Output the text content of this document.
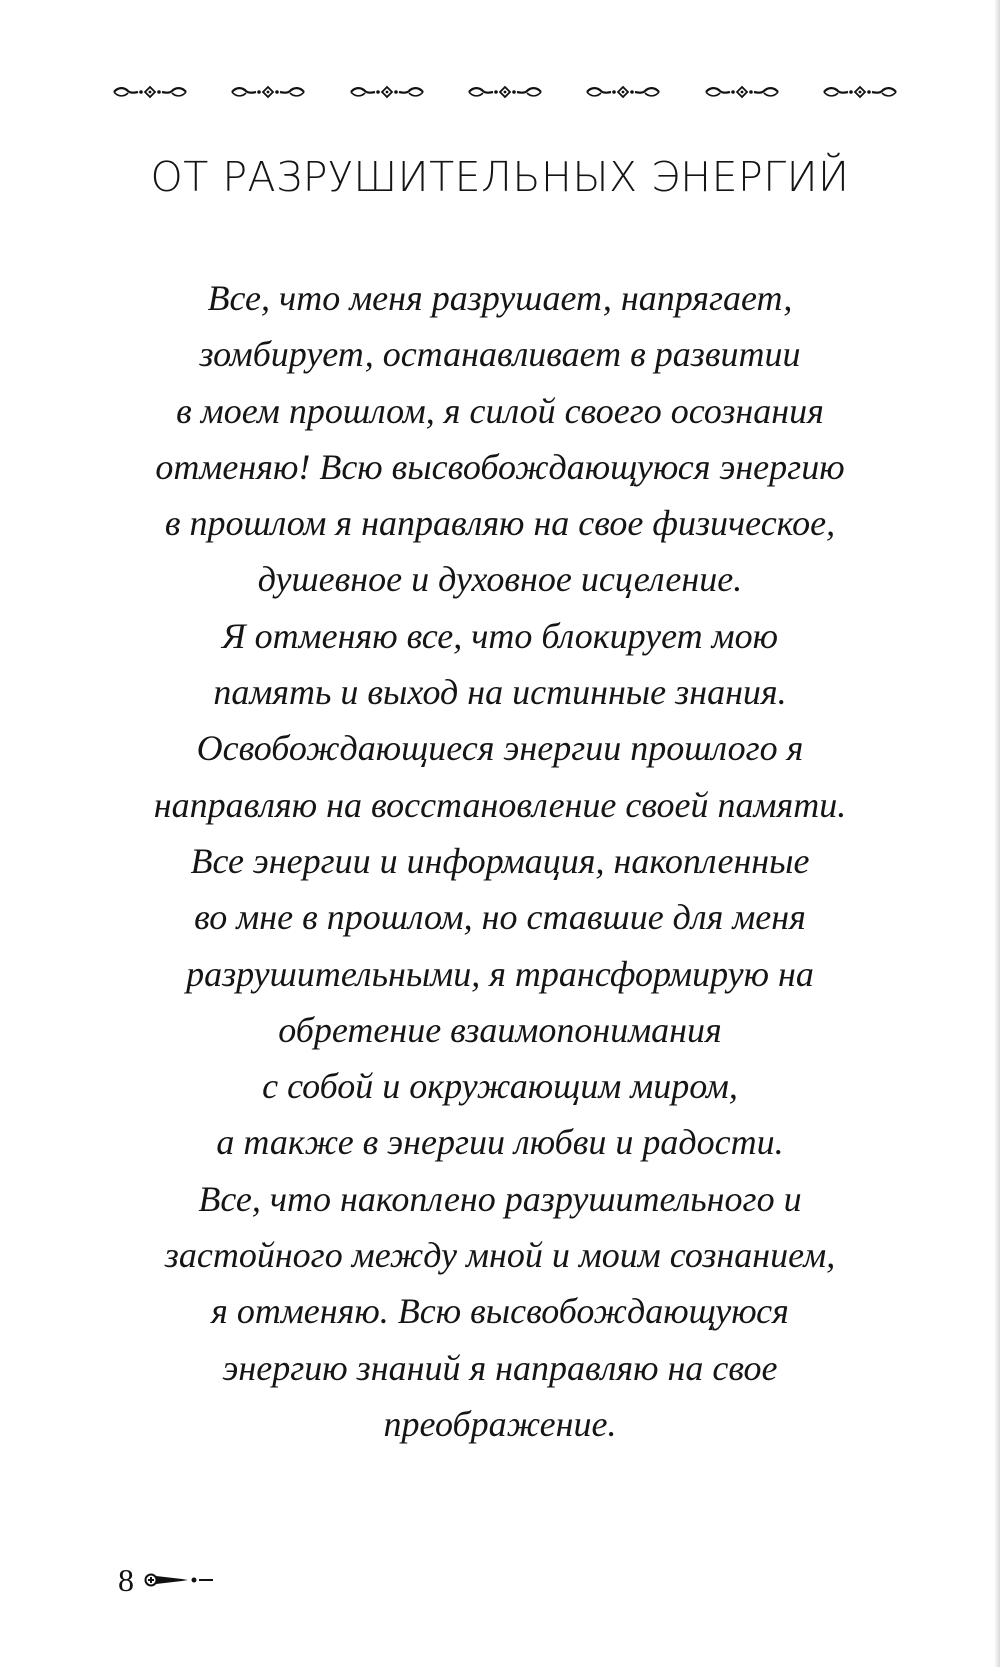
ОТ РАЗРУШИТЕЛЬНЫХ ЭНЕРГИЙ
Все, что меня разрушает, напрягает,
зомбирует, останавливает в развитии
в моем прошлом, я силой своего осознания
отменяю! Всю высвобождающуюся энергию
в прошлом я направляю на свое физическое,
душевное и духовное исцеление.
Я отменяю все, что блокирует мою
память и выход на истинные знания.
Освобождающиеся энергии прошлого я
направляю на восстановление своей памяти.
Все энергии и информация, накопленные
во мне в прошлом, но ставшие для меня
разрушительными, я трансформирую на
обретение взаимопонимания
с собой и окружающим миром,
а также в энергии любви и радости.
Все, что накоплено разрушительного и
застойного между мной и моим сознанием,
я отменяю. Всю высвобождающуюся
энергию знаний я направляю на свое
преображение.
8
